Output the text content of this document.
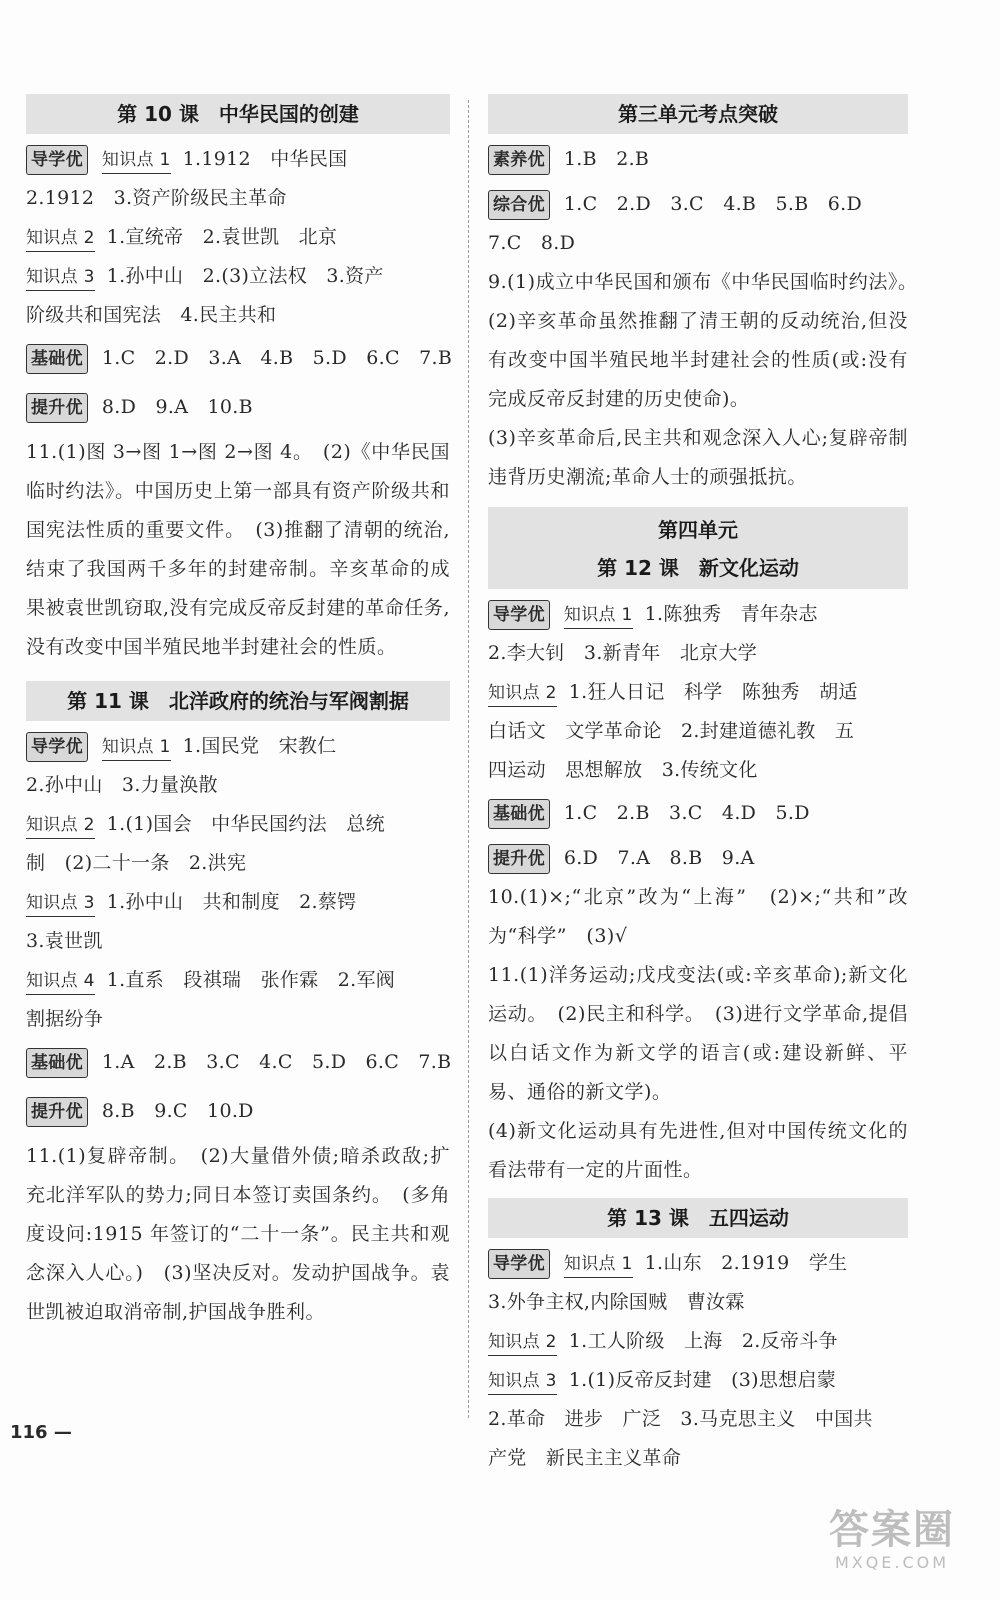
第 10 课　中华民国的创建
导学优 知识点 1 1.1912　中华民国
2.1912　3.资产阶级民主革命
知识点 2 1.宣统帝　2.袁世凯　北京
知识点 3 1.孙中山　2.(3)立法权　3.资产
阶级共和国宪法　4.民主共和
基础优 1.C　2.D　3.A　4.B　5.D　6.C　7.B
提升优 8.D　9.A　10.B
11.(1)图 3→图 1→图 2→图 4。　(2)《中华民国临时约法》。中国历史上第一部具有资产阶级共和国宪法性质的重要文件。　(3)推翻了清朝的统治,结束了我国两千多年的封建帝制。辛亥革命的成果被袁世凯窃取,没有完成反帝反封建的革命任务,没有改变中国半殖民地半封建社会的性质。
第 11 课　北洋政府的统治与军阀割据
导学优 知识点 1 1.国民党　宋教仁
2.孙中山　3.力量涣散
知识点 2 1.(1)国会　中华民国约法　总统
制　(2)二十一条　2.洪宪
知识点 3 1.孙中山　共和制度　2.蔡锷
3.袁世凯
知识点 4 1.直系　段祺瑞　张作霖　2.军阀
割据纷争
基础优 1.A　2.B　3.C　4.C　5.D　6.C　7.B
提升优 8.B　9.C　10.D
11.(1)复辟帝制。　(2)大量借外债;暗杀政敌;扩充北洋军队的势力;同日本签订卖国条约。　(多角度设问:1915 年签订的“二十一条”。民主共和观念深入人心。)　(3)坚决反对。发动护国战争。袁世凯被迫取消帝制,护国战争胜利。
第三单元考点突破
素养优 1.B　2.B
综合优 1.C　2.D　3.C　4.B　5.B　6.D
7.C　8.D
9.(1)成立中华民国和颁布《中华民国临时约法》。　(2)辛亥革命虽然推翻了清王朝的反动统治,但没有改变中国半殖民地半封建社会的性质(或:没有完成反帝反封建的历史使命)。
(3)辛亥革命后,民主共和观念深入人心;复辟帝制违背历史潮流;革命人士的顽强抵抗。
第四单元
第 12 课　新文化运动
导学优 知识点 1 1.陈独秀　青年杂志
2.李大钊　3.新青年　北京大学
知识点 2 1.狂人日记　科学　陈独秀　胡适
白话文　文学革命论　2.封建道德礼教　五
四运动　思想解放　3.传统文化
基础优 1.C　2.B　3.C　4.D　5.D
提升优 6.D　7.A　8.B　9.A
10.(1)×;“北京”改为“上海”　(2)×;“共和”改为“科学”　(3)√
11.(1)洋务运动;戊戌变法(或:辛亥革命);新文化运动。　(2)民主和科学。　(3)进行文学革命,提倡以白话文作为新文学的语言(或:建设新鲜、平易、通俗的新文学)。
(4)新文化运动具有先进性,但对中国传统文化的看法带有一定的片面性。
第 13 课　五四运动
导学优 知识点 1 1.山东　2.1919　学生
3.外争主权,内除国贼　曹汝霖
知识点 2 1.工人阶级　上海　2.反帝斗争
知识点 3 1.(1)反帝反封建　(3)思想启蒙
2.革命　进步　广泛　3.马克思主义　中国共
产党　新民主主义革命
116 —
答案圈
MXQE.COM
